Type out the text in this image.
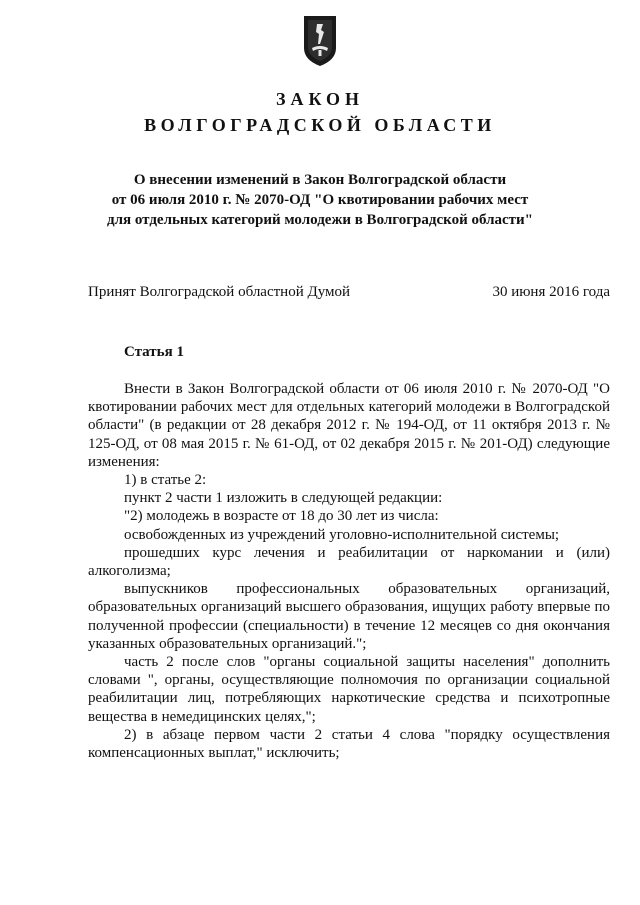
ЗАКОН
ВОЛГОГРАДСКОЙ ОБЛАСТИ
О внесении изменений в Закон Волгоградской области
от 06 июля 2010 г. № 2070-ОД "О квотировании рабочих мест
для отдельных категорий молодежи в Волгоградской области"
Принят Волгоградской областной Думой	30 июня 2016 года
Статья 1

Внести в Закон Волгоградской области от 06 июля 2010 г. № 2070-ОД "О квотировании рабочих мест для отдельных категорий молодежи в Волгоградской области" (в редакции от 28 декабря 2012 г. № 194-ОД, от 11 октября 2013 г. № 125-ОД, от 08 мая 2015 г. № 61-ОД, от 02 декабря 2015 г. № 201-ОД) следующие изменения:

1) в статье 2:

пункт 2 части 1 изложить в следующей редакции:

"2) молодежь в возрасте от 18 до 30 лет из числа:

освобожденных из учреждений уголовно-исполнительной системы;

прошедших курс лечения и реабилитации от наркомании и (или) алкоголизма;

выпускников профессиональных образовательных организаций, образовательных организаций высшего образования, ищущих работу впервые по полученной профессии (специальности) в течение 12 месяцев со дня окончания указанных образовательных организаций.";

часть 2 после слов "органы социальной защиты населения" дополнить словами ", органы, осуществляющие полномочия по организации социальной реабилитации лиц, потребляющих наркотические средства и психотропные вещества в немедицинских целях,";

2) в абзаце первом части 2 статьи 4 слова "порядку осуществления компенсационных выплат," исключить;
